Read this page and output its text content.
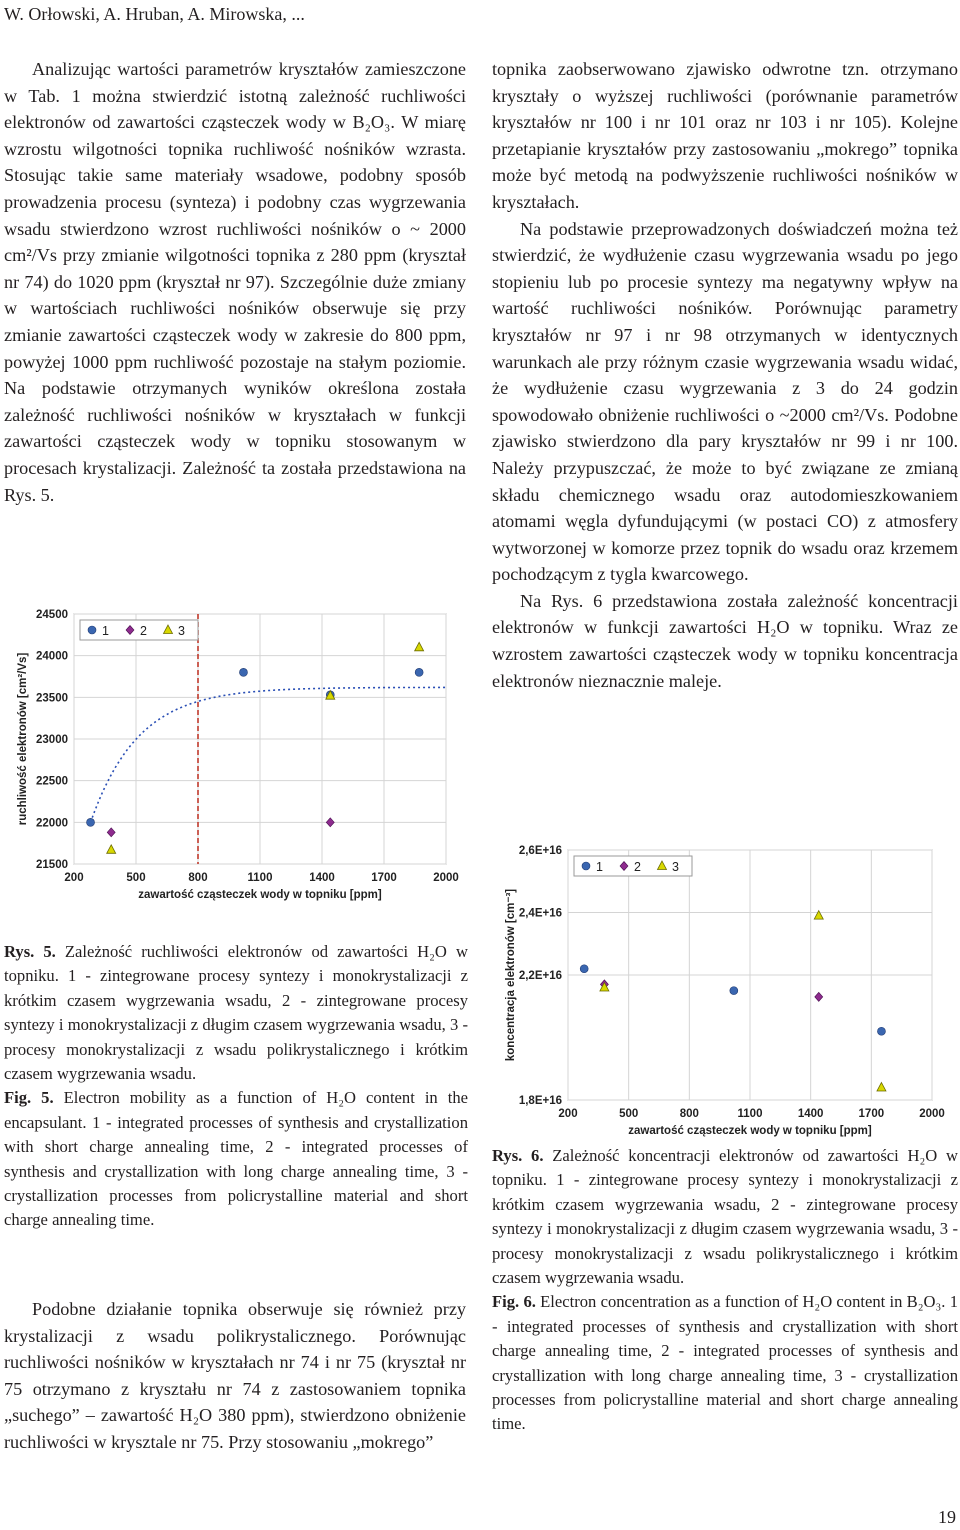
W. Orłowski, A. Hruban, A. Mirowska, ...

Analizując wartości parametrów kryształów zamieszczone w Tab. 1 można stwierdzić istotną zależność ruchliwości elektronów od zawartości cząsteczek wody w B₂O₃. W miarę wzrostu wilgotności topnika ruchliwość nośników wzrasta. Stosując takie same materiały wsadowe, podobny sposób prowadzenia procesu (synteza) i podobny czas wygrzewania wsadu stwierdzono wzrost ruchliwości nośników o ~ 2000 cm²/Vs przy zmianie wilgotności topnika z 280 ppm (kryształ nr 74) do 1020 ppm (kryształ nr 97). Szczególnie duże zmiany w wartościach ruchliwości nośników obserwuje się przy zmianie zawartości cząsteczek wody w zakresie do 800 ppm, powyżej 1000 ppm ruchliwość pozostaje na stałym poziomie. Na podstawie otrzymanych wyników określona została zależność ruchliwości nośników w kryształach w funkcji zawartości cząsteczek wody w topniku stosowanym w procesach krystalizacji. Zależność ta została przedstawiona na Rys. 5.

200	500	800	1100	1400	1700	2000
21500
22000
22500
23000
23500
24000
24500
zawartość cząsteczek wody w topniku [ppm]
ruchliwość elektronów [cm²/Vs]
1 2 3
Rys. 5. Zależność ruchliwości elektronów od zawartości H₂O w topniku. 1 - zintegrowane procesy syntezy i monokrystalizacji z krótkim czasem wygrzewania wsadu, 2 - zintegrowane procesy syntezy i monokrystalizacji z długim czasem wygrzewania wsadu, 3 - procesy monokrystalizacji z wsadu polikrystalicznego i krótkim czasem wygrzewania wsadu.
Fig. 5. Electron mobility as a function of H₂O content in the encapsulant. 1 - integrated processes of synthesis and crystallization with short charge annealing time, 2 - integrated processes of synthesis and crystallization with long charge annealing time, 3 - crystallization processes from policrystalline material and short charge annealing time.

Podobne działanie topnika obserwuje się również przy krystalizacji z wsadu polikrystalicznego. Porównując ruchliwości nośników w kryształach nr 74 i nr 75 (kryształ nr 75 otrzymano z kryształu nr 74 z zastosowaniem topnika „suchego” – zawartość H₂O 380 ppm), stwierdzono obniżenie ruchliwości w krysztale nr 75. Przy stosowaniu „mokrego”

topnika zaobserwowano zjawisko odwrotne tzn. otrzymano kryształy o wyższej ruchliwości (porównanie parametrów kryształów nr 100 i nr 101 oraz nr 103 i nr 105). Kolejne przetapianie kryształów przy zastosowaniu „mokrego” topnika może być metodą na podwyższenie ruchliwości nośników w kryształach.

Na podstawie przeprowadzonych doświadczeń można też stwierdzić, że wydłużenie czasu wygrzewania wsadu po jego stopieniu lub po procesie syntezy ma negatywny wpływ na wartość ruchliwości nośników. Porównując parametry kryształów nr 97 i nr 98 otrzymanych w identycznych warunkach ale przy różnym czasie wygrzewania wsadu widać, że wydłużenie czasu wygrzewania z 3 do 24 godzin spowodowało obniżenie ruchliwości o ~2000 cm²/Vs. Podobne zjawisko stwierdzono dla pary kryształów nr 99 i nr 100. Należy przypuszczać, że może to być związane ze zmianą składu chemicznego wsadu oraz autodomieszkowaniem atomami węgla dyfundującymi (w postaci CO) z atmosfery wytworzonej w komorze przez topnik do wsadu oraz krzemem pochodzącym z tygla kwarcowego.

Na Rys. 6 przedstawiona została zależność koncentracji elektronów w funkcji zawartości H₂O w topniku. Wraz ze wzrostem zawartości cząsteczek wody w topniku koncentracja elektronów nieznacznie maleje.

200	500	800	1100	1400	1700	2000
1,8E+16
2,2E+16
2,4E+16
2,6E+16
zawartość cząsteczek wody w topniku [ppm]
koncentracja elektronów [cm⁻³]
1 2 3
Rys. 6. Zależność koncentracji elektronów od zawartości H₂O w topniku. 1 - zintegrowane procesy syntezy i monokrystalizacji z krótkim czasem wygrzewania wsadu, 2 - zintegrowane procesy syntezy i monokrystalizacji z długim czasem wygrzewania wsadu, 3 - procesy monokrystalizacji z wsadu polikrystalicznego i krótkim czasem wygrzewania wsadu.
Fig. 6. Electron concentration as a function of H₂O content in B₂O₃. 1 - integrated processes of synthesis and crystallization with short charge annealing time, 2 - integrated processes of synthesis and crystallization with long charge annealing time, 3 - crystallization processes from policrystalline material and short charge annealing time.
19
